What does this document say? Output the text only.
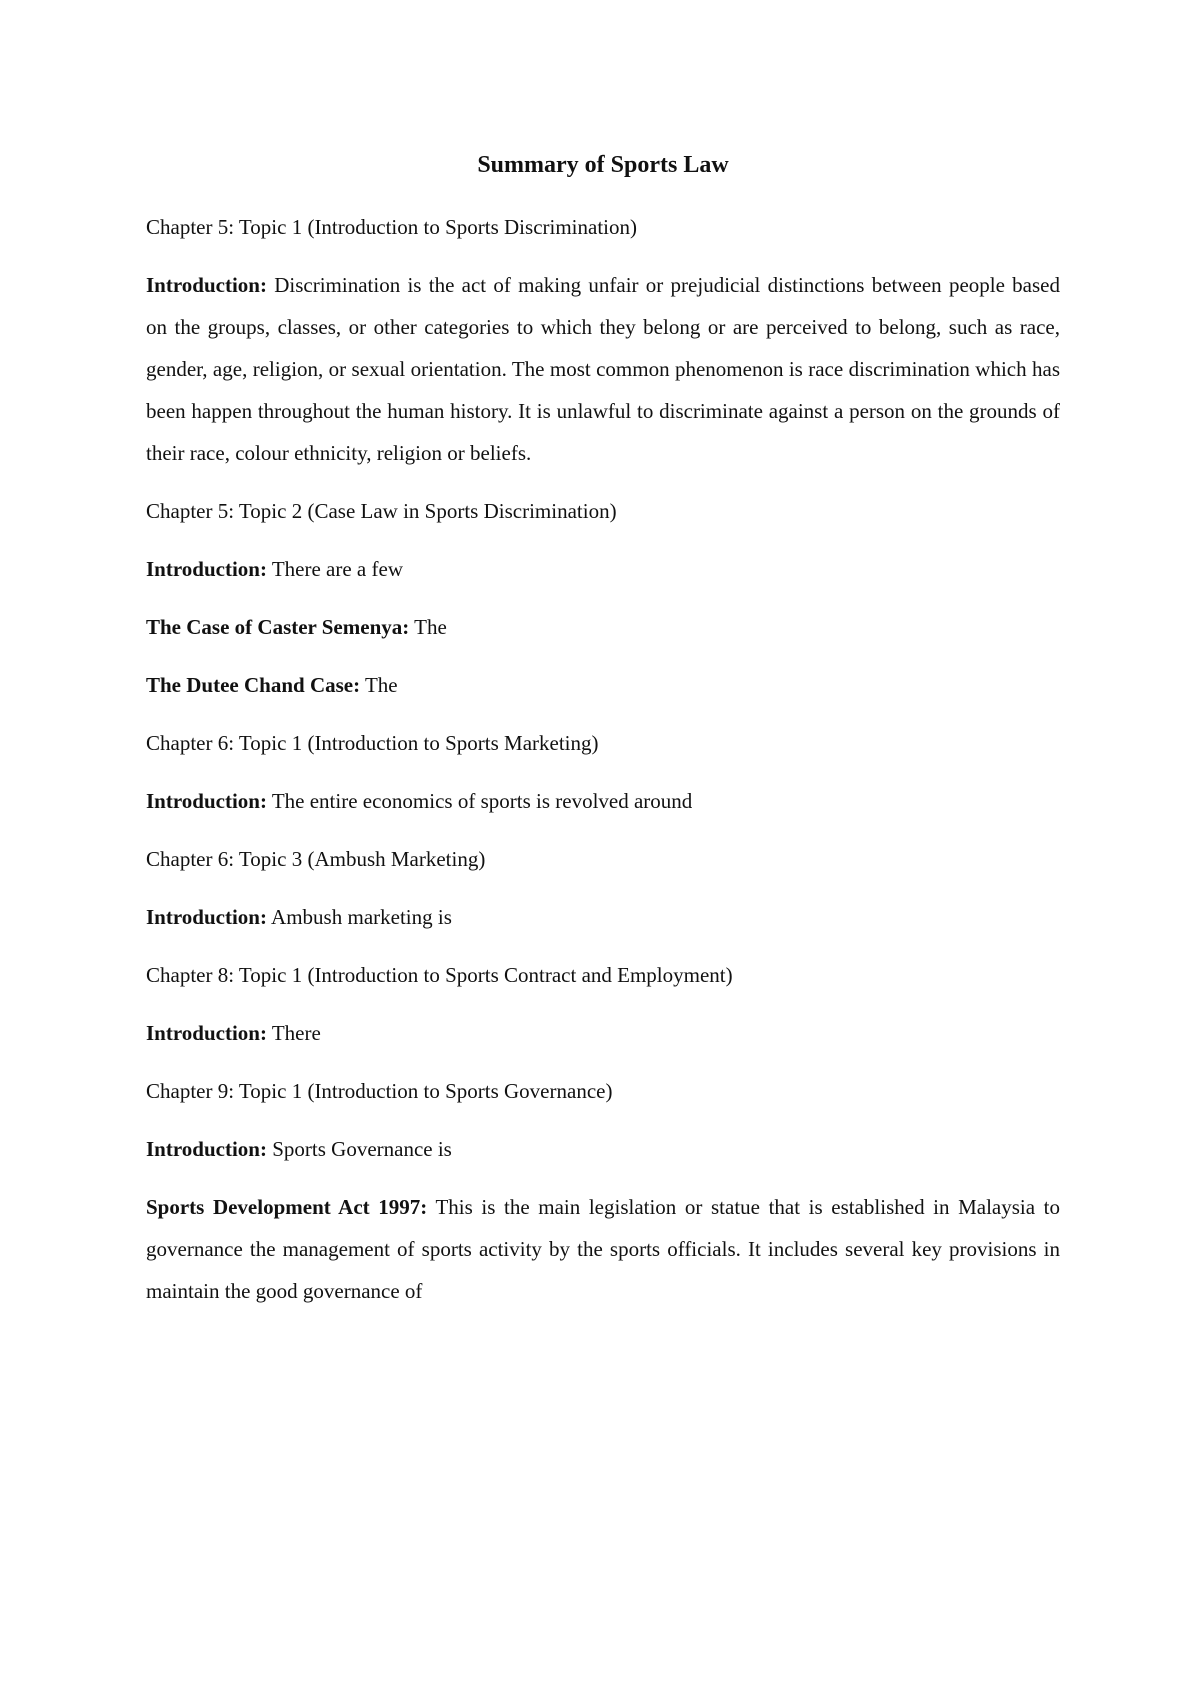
Summary of Sports Law

Chapter 5: Topic 1 (Introduction to Sports Discrimination)

Introduction: Discrimination is the act of making unfair or prejudicial distinctions between people based on the groups, classes, or other categories to which they belong or are perceived to belong, such as race, gender, age, religion, or sexual orientation. The most common phenomenon is race discrimination which has been happen throughout the human history. It is unlawful to discriminate against a person on the grounds of their race, colour ethnicity, religion or beliefs.

Chapter 5: Topic 2 (Case Law in Sports Discrimination)

Introduction: There are a few

The Case of Caster Semenya: The

The Dutee Chand Case: The

Chapter 6: Topic 1 (Introduction to Sports Marketing)

Introduction: The entire economics of sports is revolved around

Chapter 6: Topic 3 (Ambush Marketing)

Introduction: Ambush marketing is

Chapter 8: Topic 1 (Introduction to Sports Contract and Employment)

Introduction: There

Chapter 9: Topic 1 (Introduction to Sports Governance)

Introduction: Sports Governance is

Sports Development Act 1997: This is the main legislation or statue that is established in Malaysia to governance the management of sports activity by the sports officials. It includes several key provisions in maintain the good governance of
